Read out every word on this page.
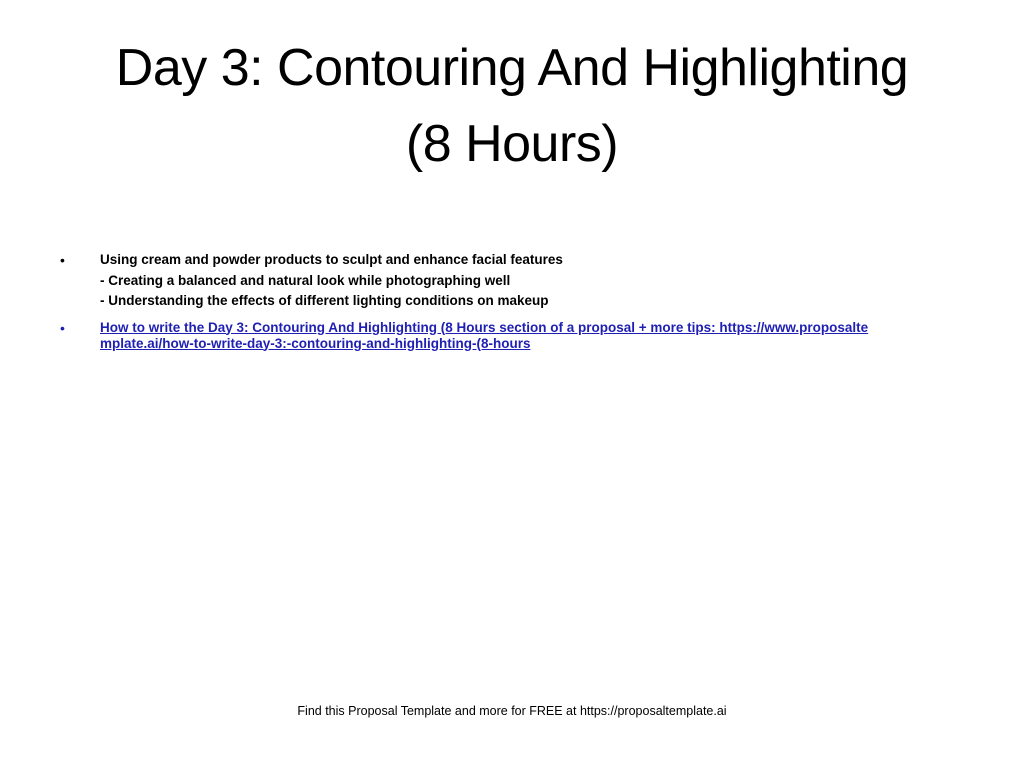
Day 3: Contouring And Highlighting
(8 Hours)
•	Using cream and powder products to sculpt and enhance facial features
- Creating a balanced and natural look while photographing well
- Understanding the effects of different lighting conditions on makeup
•	How to write the Day 3: Contouring And Highlighting (8 Hours section of a proposal + more tips: https://www.proposalte
mplate.ai/how-to-write-day-3:-contouring-and-highlighting-(8-hours
Find this Proposal Template and more for FREE at https://proposaltemplate.ai
